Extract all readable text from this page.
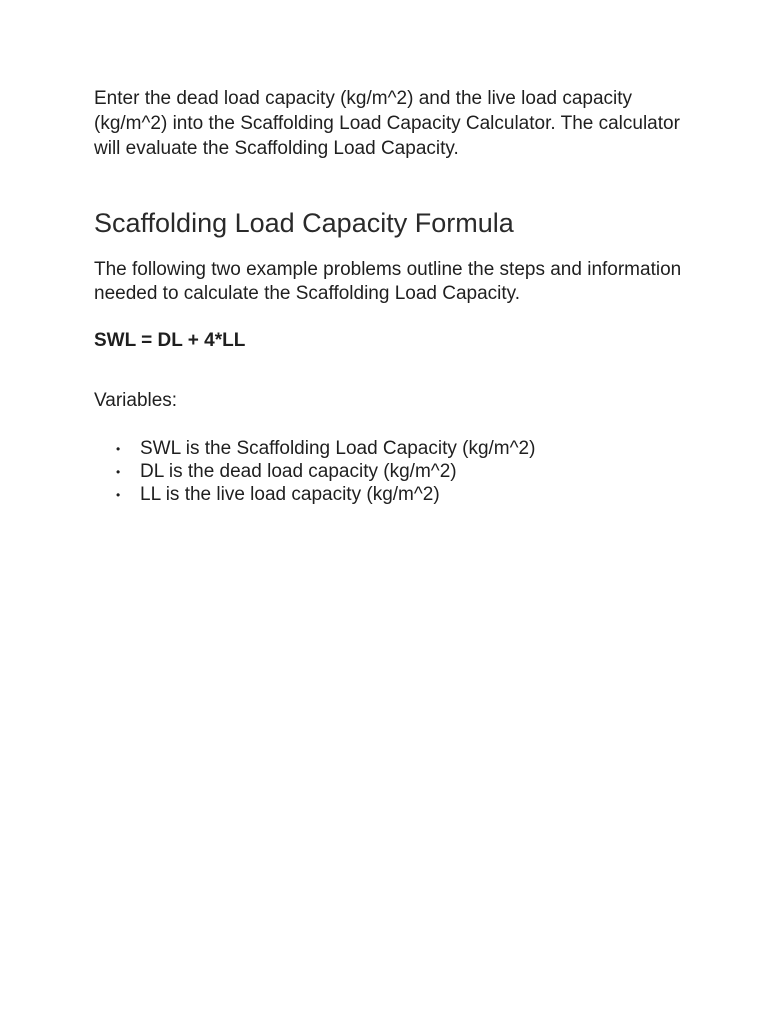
Enter the dead load capacity (kg/m^2) and the live load capacity (kg/m^2) into the Scaffolding Load Capacity Calculator. The calculator will evaluate the Scaffolding Load Capacity.

Scaffolding Load Capacity Formula

The following two example problems outline the steps and information needed to calculate the Scaffolding Load Capacity.

SWL = DL + 4*LL

Variables:

• SWL is the Scaffolding Load Capacity (kg/m^2)
• DL is the dead load capacity (kg/m^2)
• LL is the live load capacity (kg/m^2)
